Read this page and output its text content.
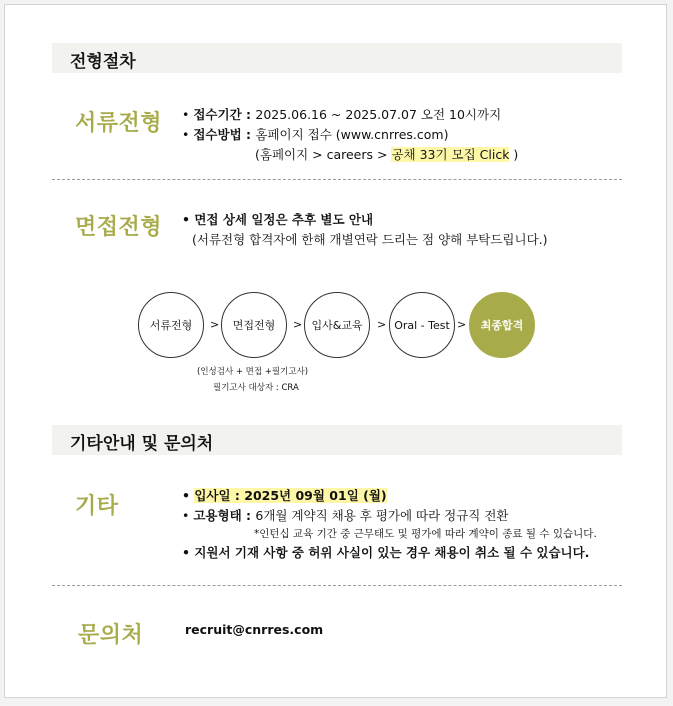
전형절차
서류전형 • 접수기간 : 2025.06.16 ~ 2025.07.07 오전 10시까지
• 접수방법 : 홈페이지 접수 (www.cnrres.com)
(홈페이지 > careers > 공채 33기 모집 Click )
면접전형 • 면접 상세 일정은 추후 별도 안내
(서류전형 합격자에 한해 개별연락 드리는 점 양해 부탁드립니다.)
서류전형	>	면접전형	> 입사&교육	> Oral - Test >	최종합격
(인성검사 + 면접 +필기고사)
필기고사 대상자 : CRA
기타안내 및 문의처
기타	• 입사일 : 2025년 09월 01일 (월)
• 고용형태 : 6개월 계약직 채용 후 평가에 따라 정규직 전환
*인턴십 교육 기간 중 근무태도 및 평가에 따라 계약이 종료 될 수 있습니다.
• 지원서 기재 사항 중 허위 사실이 있는 경우 채용이 취소 될 수 있습니다.
문의처	recruit@cnrres.com
